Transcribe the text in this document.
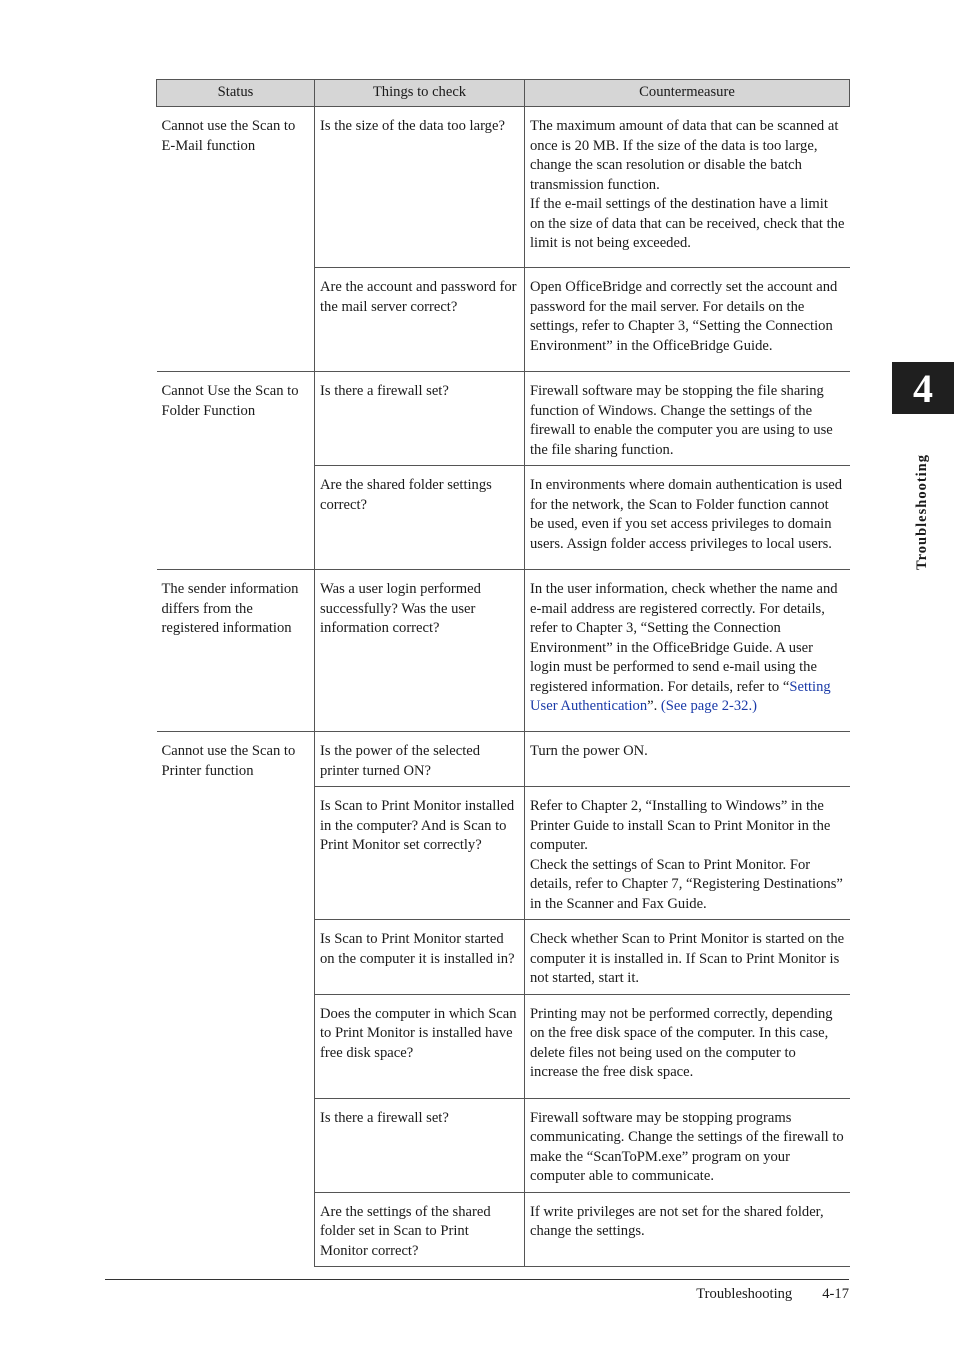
Status	Things to check	Countermeasure
Cannot use the Scan to E-Mail function	Is the size of the data too large?	The maximum amount of data that can be scanned at once is 20 MB. If the size of the data is too large, change the scan resolution or disable the batch transmission function.
If the e-mail settings of the destination have a limit on the size of data that can be received, check that the limit is not being exceeded.
	Are the account and password for the mail server correct?	Open OfficeBridge and correctly set the account and password for the mail server. For details on the settings, refer to Chapter 3, “Setting the Connection Environment” in the OfficeBridge Guide.
Cannot Use the Scan to Folder Function	Is there a firewall set?	Firewall software may be stopping the file sharing function of Windows. Change the settings of the firewall to enable the computer you are using to use the file sharing function.
	Are the shared folder settings correct?	In environments where domain authentication is used for the network, the Scan to Folder function cannot be used, even if you set access privileges to domain users. Assign folder access privileges to local users.
The sender information differs from the registered information	Was a user login performed successfully? Was the user information correct?	In the user information, check whether the name and e-mail address are registered correctly. For details, refer to Chapter 3, “Setting the Connection Environment” in the OfficeBridge Guide. A user login must be performed to send e-mail using the registered information. For details, refer to “Setting User Authentication”. (See page 2-32.)
Cannot use the Scan to Printer function	Is the power of the selected printer turned ON?	Turn the power ON.
	Is Scan to Print Monitor installed in the computer? And is Scan to Print Monitor set correctly?	Refer to Chapter 2, “Installing to Windows” in the Printer Guide to install Scan to Print Monitor in the computer.
Check the settings of Scan to Print Monitor. For details, refer to Chapter 7, “Registering Destinations” in the Scanner and Fax Guide.
	Is Scan to Print Monitor started on the computer it is installed in?	Check whether Scan to Print Monitor is started on the computer it is installed in. If Scan to Print Monitor is not started, start it.
	Does the computer in which Scan to Print Monitor is installed have free disk space?	Printing may not be performed correctly, depending on the free disk space of the computer. In this case, delete files not being used on the computer to increase the free disk space.
	Is there a firewall set?	Firewall software may be stopping programs communicating. Change the settings of the firewall to make the “ScanToPM.exe” program on your computer able to communicate.
	Are the settings of the shared folder set in Scan to Print Monitor correct?	If write privileges are not set for the shared folder, change the settings.
4
Troubleshooting
Troubleshooting 4-17
